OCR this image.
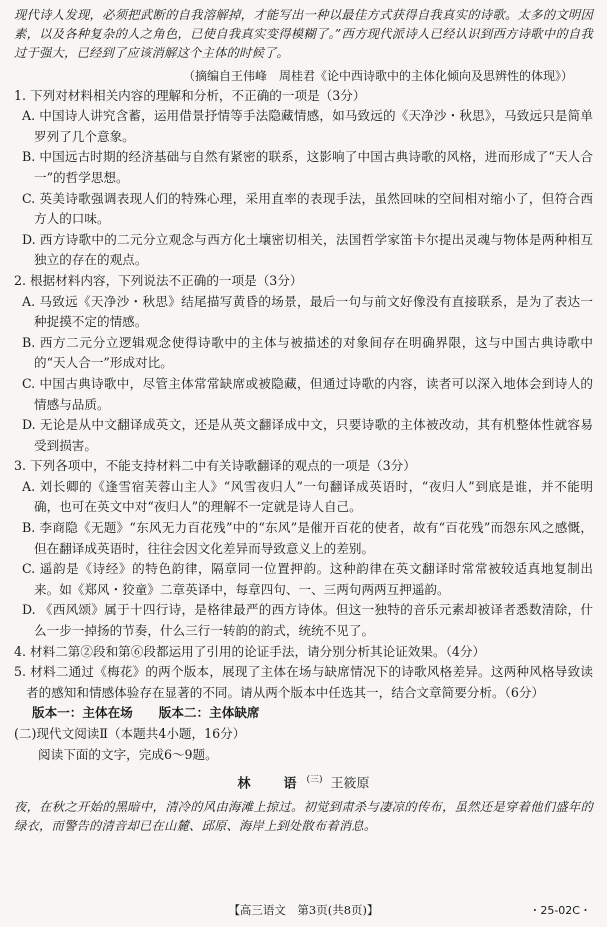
现代诗人发现，必须把武断的自我溶解掉，才能写出一种以最佳方式获得自我真实的诗歌。太多的文明因素，以及各种复杂的人之角色，已使自我真实变得模糊了。”西方现代派诗人已经认识到西方诗歌中的自我过于强大，已经到了应该消解这个主体的时候了。

（摘编自王伟峰　周桂君《论中西诗歌中的主体化倾向及思辨性的体现》）

1. 下列对材料相关内容的理解和分析，不正确的一项是（3分）

A. 中国诗人讲究含蓄，运用借景抒情等手法隐藏情感，如马致远的《天净沙・秋思》，马致远只是简单罗列了几个意象。

B. 中国远古时期的经济基础与自然有紧密的联系，这影响了中国古典诗歌的风格，进而形成了“天人合一”的哲学思想。

C. 英美诗歌强调表现人们的特殊心理，采用直率的表现手法，虽然回味的空间相对缩小了，但符合西方人的口味。

D. 西方诗歌中的二元分立观念与西方化土壤密切相关，法国哲学家笛卡尔提出灵魂与物体是两种相互独立的存在的观点。

2. 根据材料内容，下列说法不正确的一项是（3分）

A. 马致远《天净沙・秋思》结尾描写黄昏的场景，最后一句与前文好像没有直接联系，是为了表达一种捉摸不定的情感。

B. 西方二元分立逻辑观念使得诗歌中的主体与被描述的对象间存在明确界限，这与中国古典诗歌中的“天人合一”形成对比。

C. 中国古典诗歌中，尽管主体常常缺席或被隐藏，但通过诗歌的内容，读者可以深入地体会到诗人的情感与品质。

D. 无论是从中文翻译成英文，还是从英文翻译成中文，只要诗歌的主体被改动，其有机整体性就容易受到损害。

3. 下列各项中，不能支持材料二中有关诗歌翻译的观点的一项是（3分）

A. 刘长卿的《逢雪宿芙蓉山主人》“风雪夜归人”一句翻译成英语时，“夜归人”到底是谁，并不能明确，也可在英文中对“夜归人”的理解不一定就是诗人自己。

B. 李商隐《无题》“东风无力百花残”中的“东风”是催开百花的使者，故有“百花残”而怨东风之感慨，但在翻译成英语时，往往会因文化差异而导致意义上的差别。

C. 遥韵是《诗经》的特色韵律，隔章同一位置押韵。这种韵律在英文翻译时常常被较适真地复制出来。如《郑风・狡童》二章英译中，每章四句、一、三两句两两互押遥韵。

D. 《西风颂》属于十四行诗，是格律最严的西方诗体。但这一独特的音乐元素却被译者悉数清除，什么一步一掉扬的节奏，什么三行一转韵的韵式，统统不见了。

4. 材料二第②段和第⑥段都运用了引用的论证手法，请分别分析其论证效果。（4分）

5. 材料二通过《梅花》的两个版本，展现了主体在场与缺席情况下的诗歌风格差异。这两种风格导致读者的感知和情感体验存在显著的不同。请从两个版本中任选其一，结合文章简要分析。（6分）

版本一：主体在场 版本二：主体缺席

(二)现代文阅读Ⅱ（本题共4小题，16分）

阅读下面的文字，完成6～9题。

林　语$^{(三)}$ 王筱原

夜，在秋之开始的黑暗中，清冷的风由海滩上掠过。初觉到肃杀与凄凉的传布，虽然还是穿着他们盛年的绿衣，而警告的清音却已在山麓、邱原、海岸上到处散布着消息。

【高三语文　第3页(共8页)】	・25-02C・
